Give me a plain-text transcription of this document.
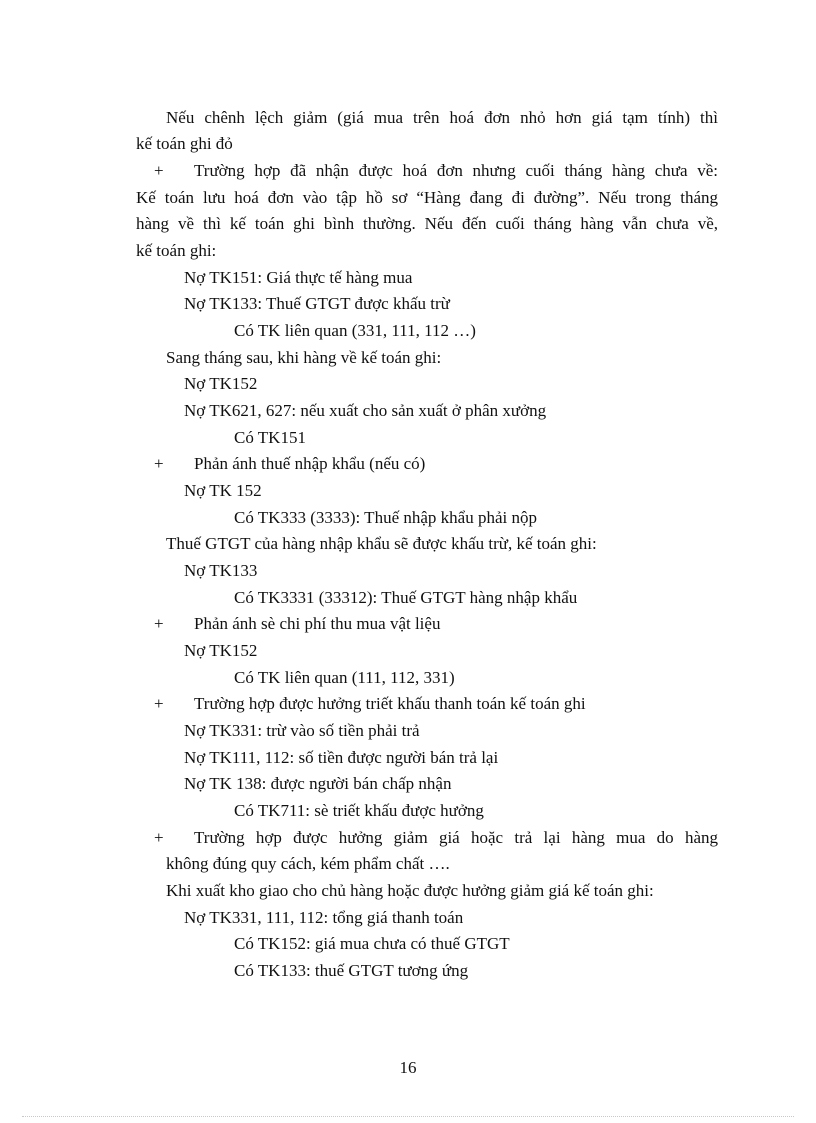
Nếu chênh lệch giảm (giá mua trên hoá đơn nhỏ hơn giá tạm tính) thì
kế toán ghi đỏ
+ Trường hợp đã nhận được hoá đơn nhưng cuối tháng hàng chưa về:
Kế toán lưu hoá đơn vào tập hồ sơ “Hàng đang đi đường”. Nếu trong tháng
hàng về thì kế toán ghi bình thường. Nếu đến cuối tháng hàng vẫn chưa về,
kế toán ghi:
Nợ TK151: Giá thực tế hàng mua
Nợ TK133: Thuế GTGT được khấu trừ
Có TK liên quan (331, 111, 112 …)
Sang tháng sau, khi hàng về kế toán ghi:
Nợ TK152
Nợ TK621, 627: nếu xuất cho sản xuất ở phân xưởng
Có TK151
+ Phản ánh thuế nhập khẩu (nếu có)
Nợ TK 152
Có TK333 (3333): Thuế nhập khẩu phải nộp
Thuế GTGT của hàng nhập khẩu sẽ được khấu trừ, kế toán ghi:
Nợ TK133
Có TK3331 (33312): Thuế GTGT hàng nhập khẩu
+ Phản ánh sè chi phí thu mua vật liệu
Nợ TK152
Có TK liên quan (111, 112, 331)
+ Trường hợp được hưởng triết khấu thanh toán kế toán ghi
Nợ TK331: trừ vào số tiền phải trả
Nợ TK111, 112: số tiền được người bán trả lại
Nợ TK 138: được người bán chấp nhận
Có TK711: sè triết khấu được hưởng
+ Trường hợp được hưởng giảm giá hoặc trả lại hàng mua do hàng
không đúng quy cách, kém phẩm chất ….
Khi xuất kho giao cho chủ hàng hoặc được hưởng giảm giá kế toán ghi:
Nợ TK331, 111, 112: tổng giá thanh toán
Có TK152: giá mua chưa có thuế GTGT
Có TK133: thuế GTGT tương ứng
16
